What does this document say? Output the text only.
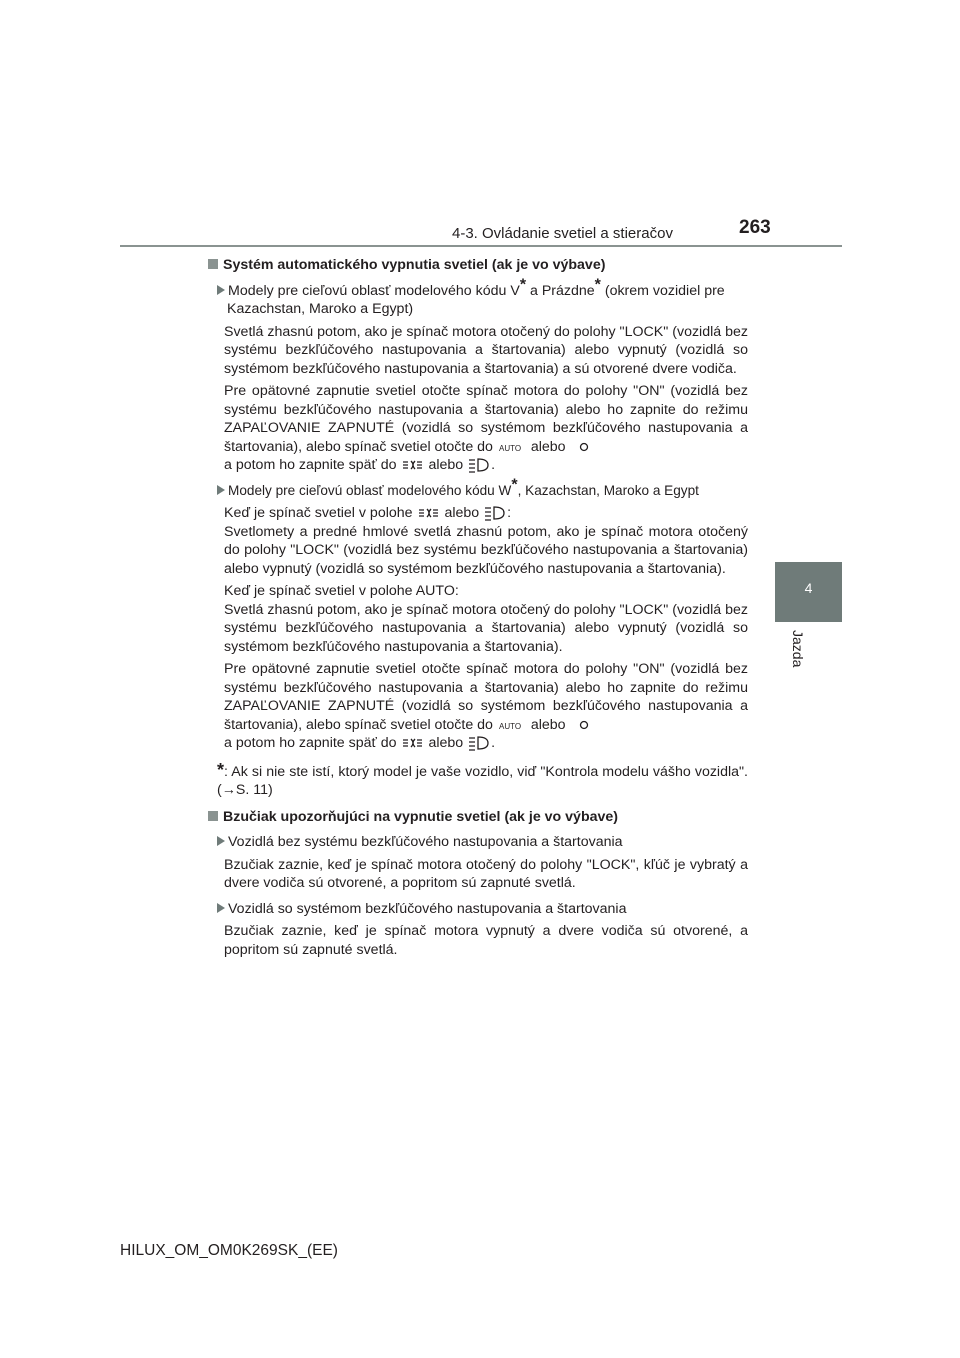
4-3. Ovládanie svetiel a stieračov	263
4
Jazda
Systém automatického vypnutia svetiel (ak je vo výbave)
Modely pre cieľovú oblasť modelového kódu V* a Prázdne* (okrem vozidiel pre Kazachstan, Maroko a Egypt)
Svetlá zhasnú potom, ako je spínač motora otočený do polohy "LOCK" (vozidlá bez systému bezkľúčového nastupovania a štartovania) alebo vypnutý (vozidlá so systémom bezkľúčového nastupovania a štartovania) a sú otvorené dvere vodiča.
Pre opätovné zapnutie svetiel otočte spínač motora do polohy "ON" (vozidlá bez systému bezkľúčového nastupovania a štartovania) alebo ho zapnite do režimu ZAPAĽOVANIE ZAPNUTÉ (vozidlá so systémom bezkľúčového nastupovania a štartovania), alebo spínač svetiel otočte do AUTO alebo
a potom ho zapnite späť do alebo .
Modely pre cieľovú oblasť modelového kódu W*, Kazachstan, Maroko a Egypt
Keď je spínač svetiel v polohe alebo :
Svetlomety a predné hmlové svetlá zhasnú potom, ako je spínač motora otočený do polohy "LOCK" (vozidlá bez systému bezkľúčového nastupovania a štartovania) alebo vypnutý (vozidlá so systémom bezkľúčového nastupovania a štartovania).
Keď je spínač svetiel v polohe AUTO:
Svetlá zhasnú potom, ako je spínač motora otočený do polohy "LOCK" (vozidlá bez systému bezkľúčového nastupovania a štartovania) alebo vypnutý (vozidlá so systémom bezkľúčového nastupovania a štartovania).
Pre opätovné zapnutie svetiel otočte spínač motora do polohy "ON" (vozidlá bez systému bezkľúčového nastupovania a štartovania) alebo ho zapnite do režimu ZAPAĽOVANIE ZAPNUTÉ (vozidlá so systémom bezkľúčového nastupovania a štartovania), alebo spínač svetiel otočte do AUTO alebo
a potom ho zapnite späť do alebo .
*: Ak si nie ste istí, ktorý model je vaše vozidlo, viď "Kontrola modelu vášho vozidla". (→S. 11)
Bzučiak upozorňujúci na vypnutie svetiel (ak je vo výbave)
Vozidlá bez systému bezkľúčového nastupovania a štartovania
Bzučiak zaznie, keď je spínač motora otočený do polohy "LOCK", kľúč je vybratý a dvere vodiča sú otvorené, a popritom sú zapnuté svetlá.
Vozidlá so systémom bezkľúčového nastupovania a štartovania
Bzučiak zaznie, keď je spínač motora vypnutý a dvere vodiča sú otvorené, a popritom sú zapnuté svetlá.
HILUX_OM_OM0K269SK_(EE)
